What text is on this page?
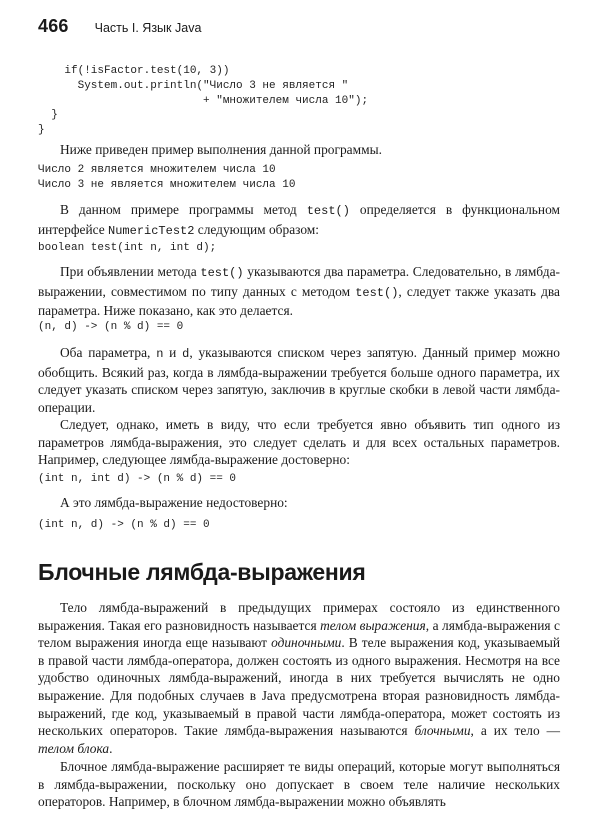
466 Часть I. Язык Java
if(!isFactor.test(10, 3))
System.out.println("Число 3 не является "
+ "множителем числа 10");
}
}

Ниже приведен пример выполнения данной программы.

Число 2 является множителем числа 10
Число 3 не является множителем числа 10

В данном примере программы метод test() определяется в функциональном интерфейсе NumericTest2 следующим образом:

boolean test(int n, int d);

При объявлении метода test() указываются два параметра. Следовательно, в лямбда-выражении, совместимом по типу данных с методом test(), следует также указать два параметра. Ниже показано, как это делается.

(n, d) -> (n % d) == 0

Оба параметра, n и d, указываются списком через запятую. Данный пример можно обобщить. Всякий раз, когда в лямбда-выражении требуется больше одного параметра, их следует указать списком через запятую, заключив в круглые скобки в левой части лямбда-операции.

Следует, однако, иметь в виду, что если требуется явно объявить тип одного из параметров лямбда-выражения, это следует сделать и для всех остальных параметров. Например, следующее лямбда-выражение достоверно:

(int n, int d) -> (n % d) == 0

А это лямбда-выражение недостоверно:

(int n, d) -> (n % d) == 0
Блочные лямбда-выражения

Тело лямбда-выражений в предыдущих примерах состояло из единственного выражения. Такая его разновидность называется телом выражения, а лямбда-выражения с телом выражения иногда еще называют одиночными. В теле выражения код, указываемый в правой части лямбда-оператора, должен состоять из одного выражения. Несмотря на все удобство одиночных лямбда-выражений, иногда в них требуется вычислять не одно выражение. Для подобных случаев в Java предусмотрена вторая разновидность лямбда-выражений, где код, указываемый в правой части лямбда-оператора, может состоять из нескольких операторов. Такие лямбда-выражения называются блочными, а их тело — телом блока.

Блочное лямбда-выражение расширяет те виды операций, которые могут выполняться в лямбда-выражении, поскольку оно допускает в своем теле наличие нескольких операторов. Например, в блочном лямбда-выражении можно объявлять
